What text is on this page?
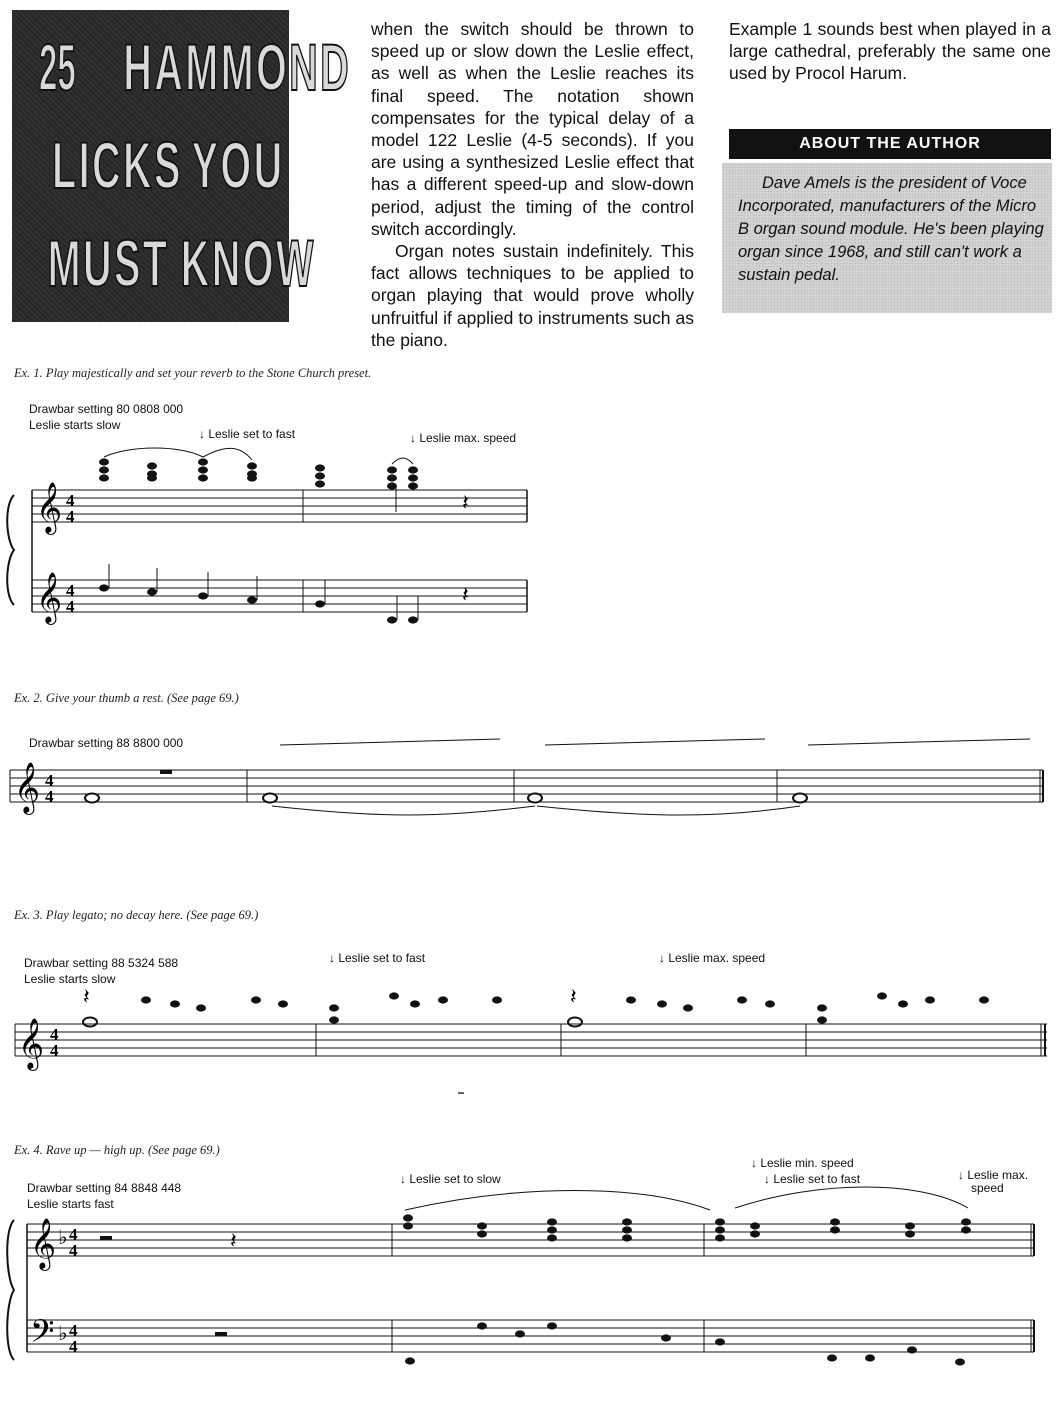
25 HAMMOND
LICKS YOU
MUST KNOW

when the switch should be thrown to speed up or slow down the Leslie effect, as well as when the Leslie reaches its final speed. The notation shown compensates for the typical delay of a model 122 Leslie (4-5 seconds). If you are using a synthesized Leslie effect that has a different speed-up and slow-down period, adjust the timing of the control switch accordingly.

Organ notes sustain indefinitely. This fact allows techniques to be applied to organ playing that would prove wholly unfruitful if applied to instruments such as the piano.

Example 1 sounds best when played in a large cathedral, preferably the same one used by Procol Harum.

ABOUT THE AUTHOR
Dave Amels is the president of Voce Incorporated, manufacturers of the Micro B organ sound module. He's been playing organ since 1968, and still can't work a sustain pedal.
Ex. 1. Play majestically and set your reverb to the Stone Church preset.
Drawbar setting 80 0808 000
Leslie starts slow
↓ Leslie set to fast	↓ Leslie max. speed
𝄞
𝄞
4
4
4
4
𝄽
𝄽
Ex. 2. Give your thumb a rest. (See page 69.)
Drawbar setting 88 8800 000
𝄞 4
4
Ex. 3. Play legato; no decay here. (See page 69.)
Drawbar setting 88 5324 588
Leslie starts slow
↓ Leslie set to fast	↓ Leslie max. speed
𝄞 4
4
𝄽	𝄽
Ex. 4. Rave up — high up. (See page 69.)
Drawbar setting 84 8848 448
Leslie starts fast
↓ Leslie set to slow
↓ Leslie min. speed
↓ Leslie set to fast	↓ Leslie max.
speed
𝄞
𝄢
♭
♭
4
4
4
4
𝄽
